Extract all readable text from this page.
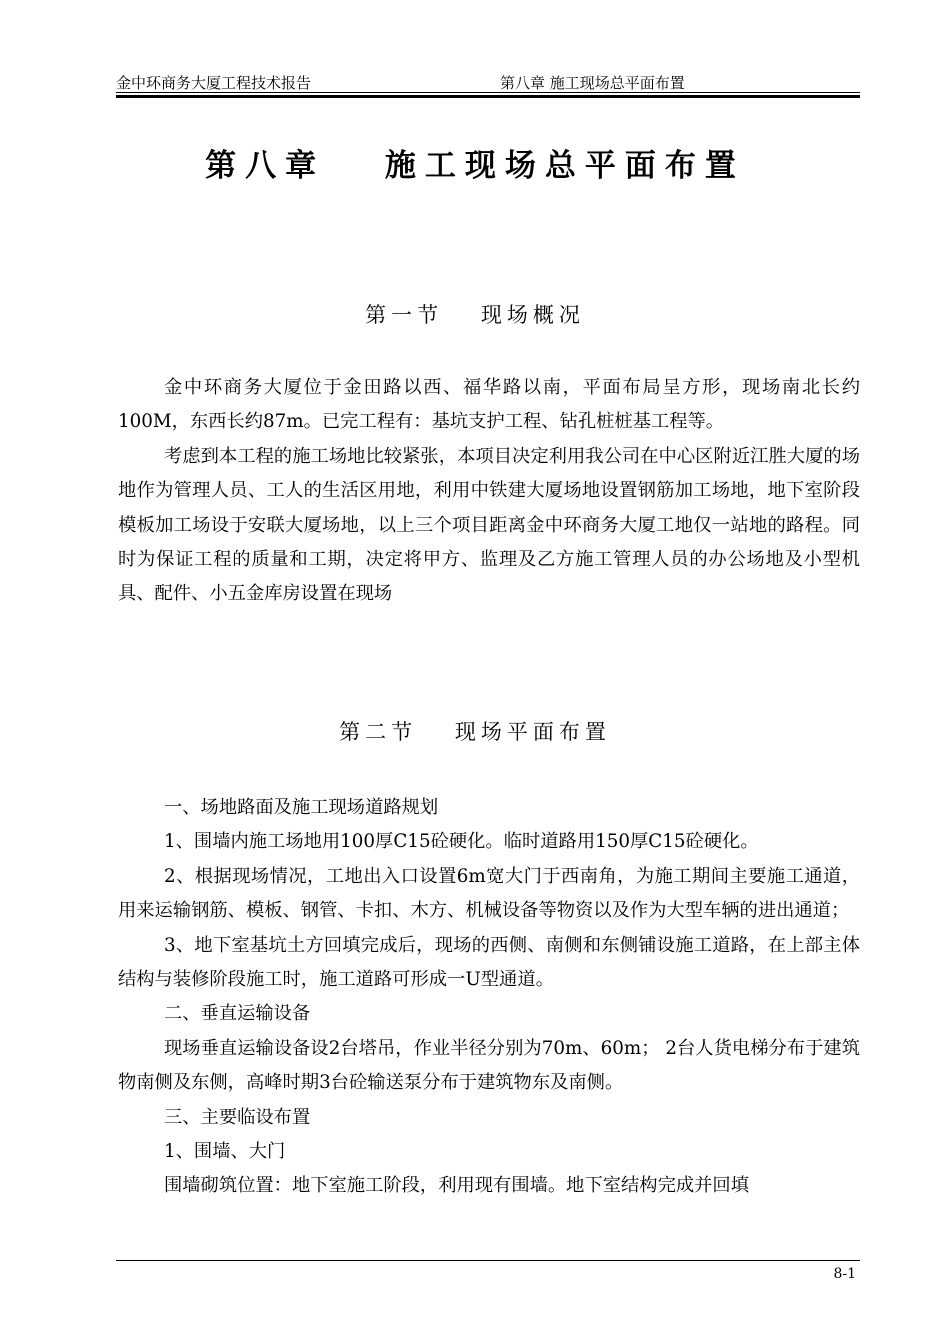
金中环商务大厦工程技术报告	第八章 施工现场总平面布置
第八章　 施工现场总平面布置
第一节　 现场概况

金中环商务大厦位于金田路以西、福华路以南，平面布局呈方形，现场南北长约100M，东西长约87m。已完工程有：基坑支护工程、钻孔桩桩基工程等。

考虑到本工程的施工场地比较紧张，本项目决定利用我公司在中心区附近江胜大厦的场地作为管理人员、工人的生活区用地，利用中铁建大厦场地设置钢筋加工场地，地下室阶段模板加工场设于安联大厦场地，以上三个项目距离金中环商务大厦工地仅一站地的路程。同时为保证工程的质量和工期，决定将甲方、监理及乙方施工管理人员的办公场地及小型机具、配件、小五金库房设置在现场

第二节　 现场平面布置

一、场地路面及施工现场道路规划

1、围墙内施工场地用100厚C15砼硬化。临时道路用150厚C15砼硬化。

2、根据现场情况，工地出入口设置6m宽大门于西南角，为施工期间主要施工通道，用来运输钢筋、模板、钢管、卡扣、木方、机械设备等物资以及作为大型车辆的进出通道；

3、地下室基坑土方回填完成后，现场的西侧、南侧和东侧铺设施工道路，在上部主体结构与装修阶段施工时，施工道路可形成一U型通道。

二、垂直运输设备

现场垂直运输设备设2台塔吊，作业半径分别为70m、60m； 2台人货电梯分布于建筑物南侧及东侧，高峰时期3台砼输送泵分布于建筑物东及南侧。

三、主要临设布置

1、围墙、大门

围墙砌筑位置：地下室施工阶段，利用现有围墙。地下室结构完成并回填

8-1
